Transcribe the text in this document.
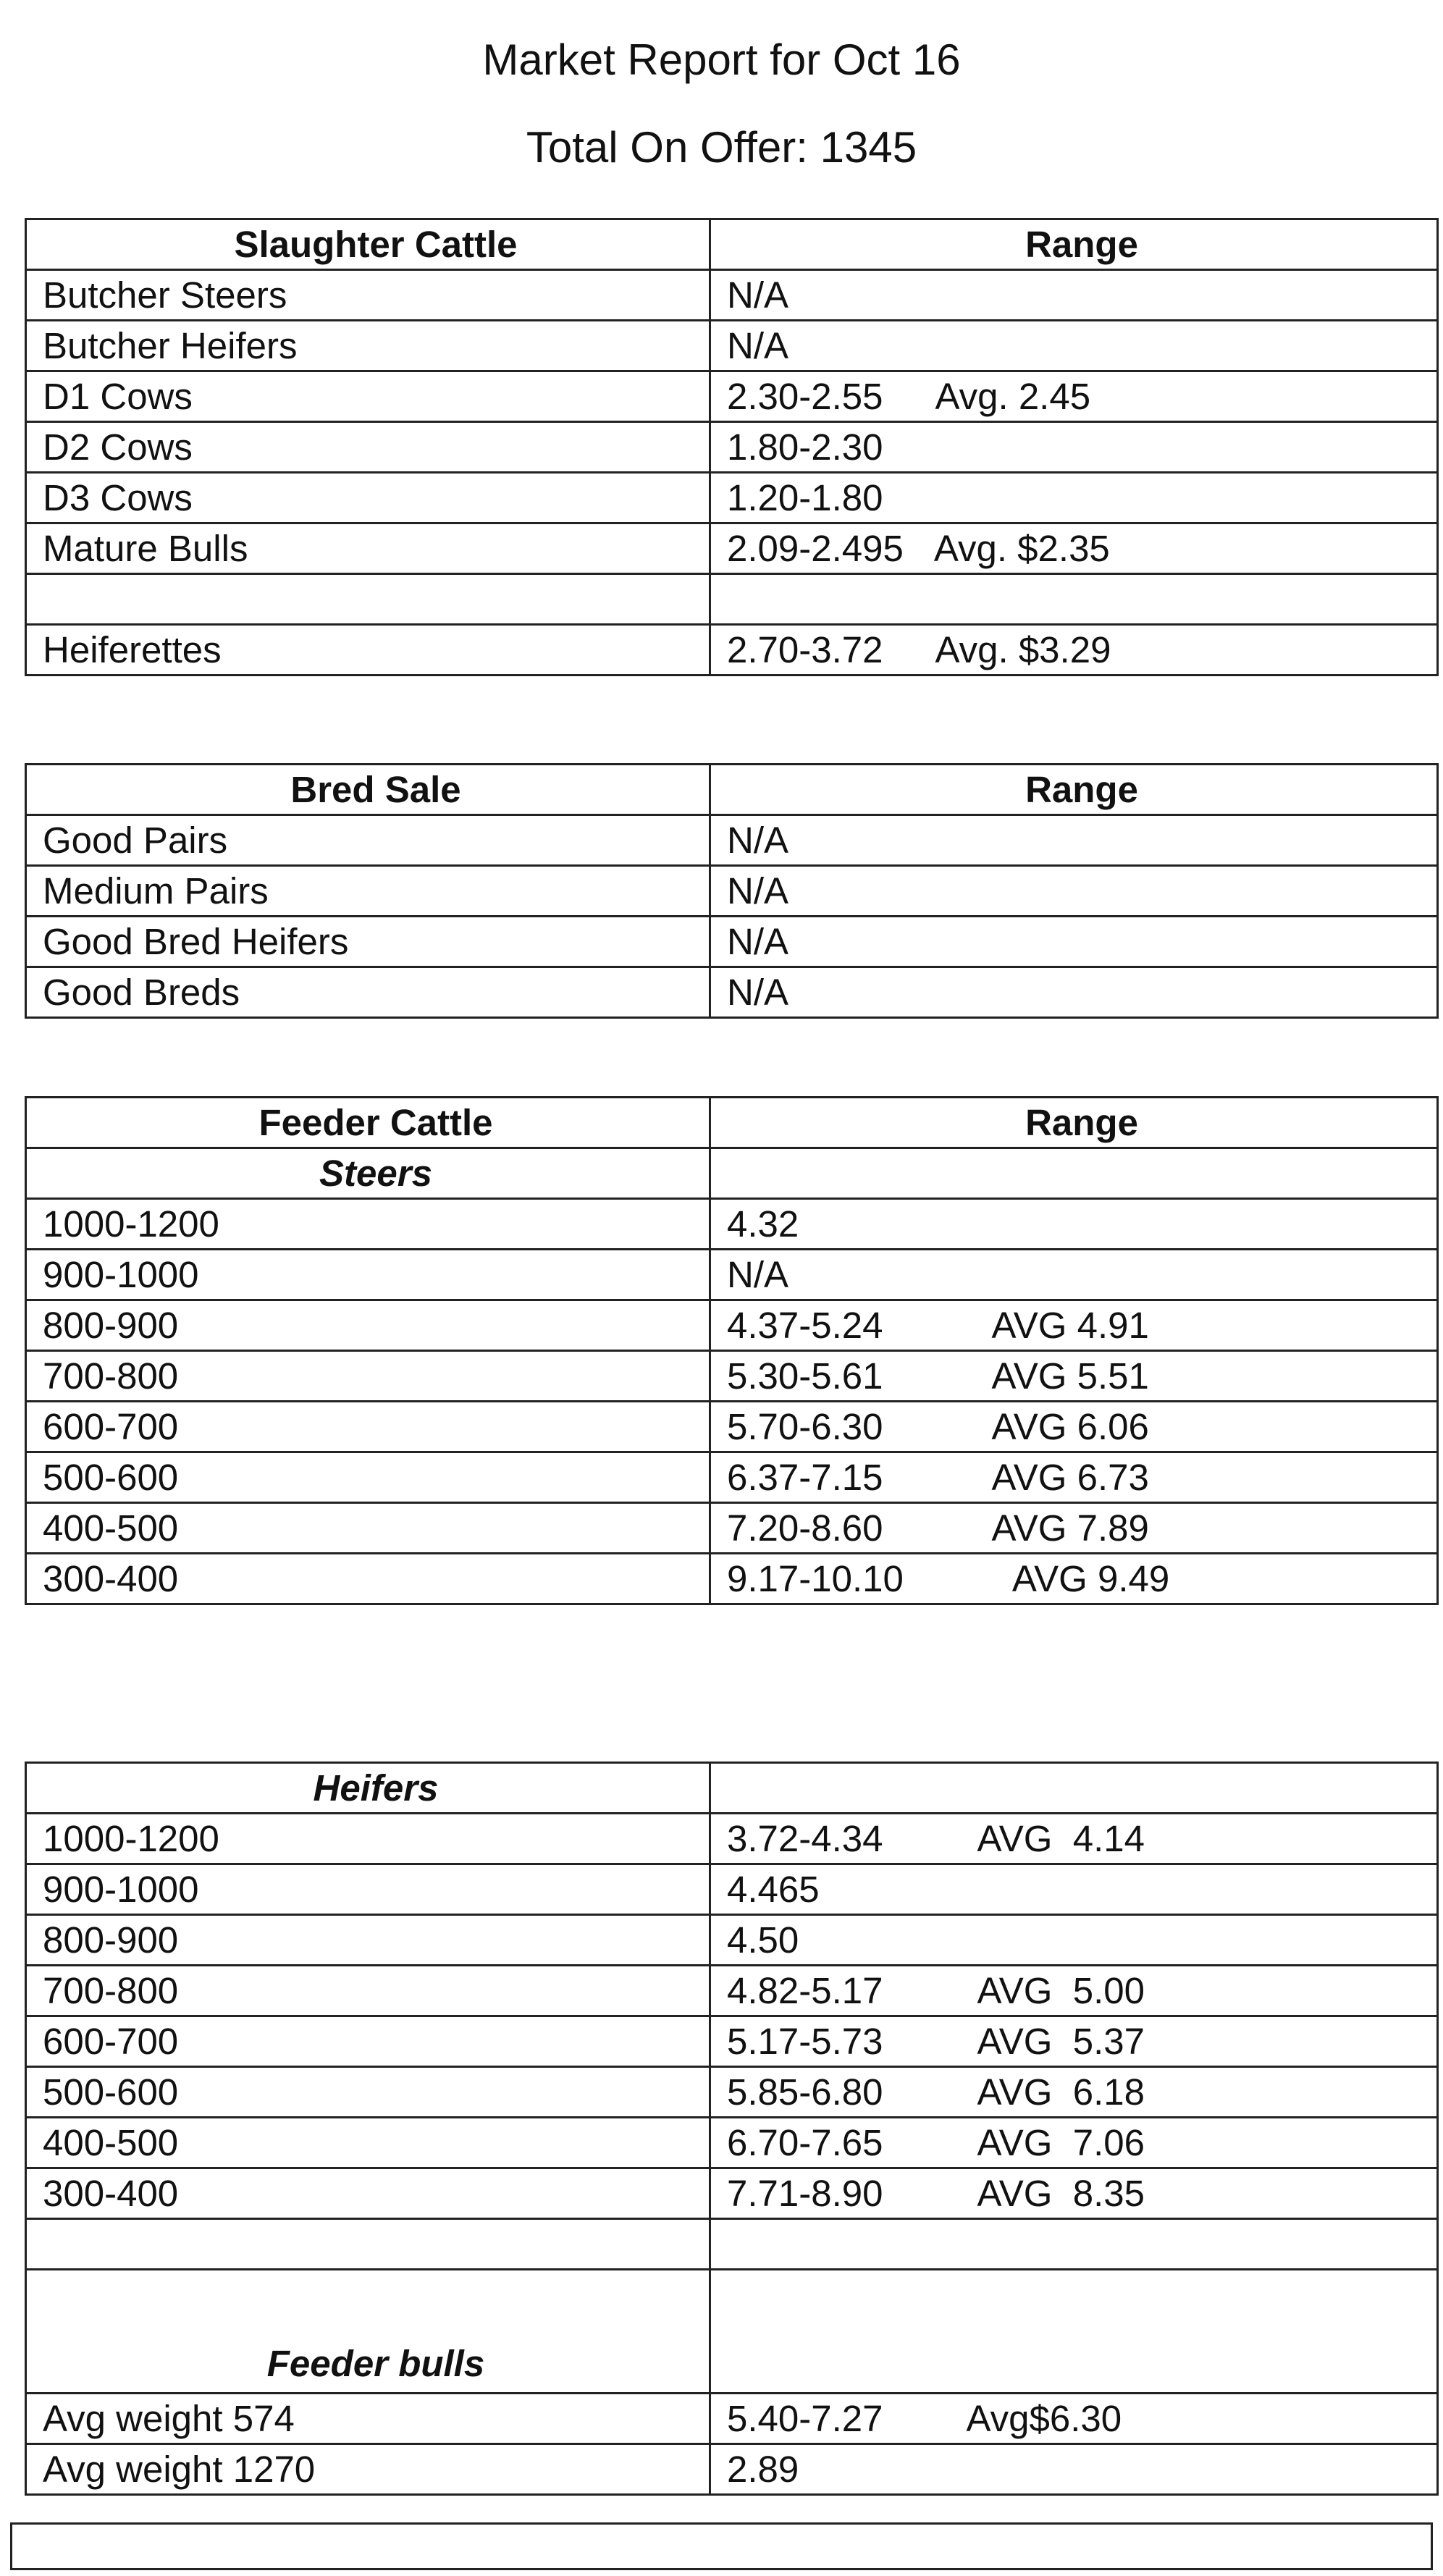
Market Report for Oct 16
Total On Offer: 1345
Slaughter Cattle	Range
Butcher Steers	N/A
Butcher Heifers	N/A
D1 Cows	2.30-2.55 Avg. 2.45
D2 Cows	1.80-2.30
D3 Cows	1.20-1.80
Mature Bulls	2.09-2.495 Avg. $2.35

Heiferettes	2.70-3.72 Avg. $3.29
Bred Sale	Range
Good Pairs	N/A
Medium Pairs	N/A
Good Bred Heifers	N/A
Good Breds	N/A
Feeder Cattle	Range
Steers	
1000-1200	4.32
900-1000	N/A
800-900	4.37-5.24 AVG 4.91
700-800	5.30-5.61 AVG 5.51
600-700	5.70-6.30 AVG 6.06
500-600	6.37-7.15 AVG 6.73
400-500	7.20-8.60 AVG 7.89
300-400	9.17-10.10 AVG 9.49
Heifers	
1000-1200	3.72-4.34 AVG  4.14
900-1000	4.465
800-900	4.50
700-800	4.82-5.17 AVG  5.00
600-700	5.17-5.73 AVG  5.37
500-600	5.85-6.80 AVG  6.18
400-500	6.70-7.65 AVG  7.06
300-400	7.71-8.90 AVG  8.35

Feeder bulls	
Avg weight 574	5.40-7.27 Avg$6.30
Avg weight 1270	2.89
